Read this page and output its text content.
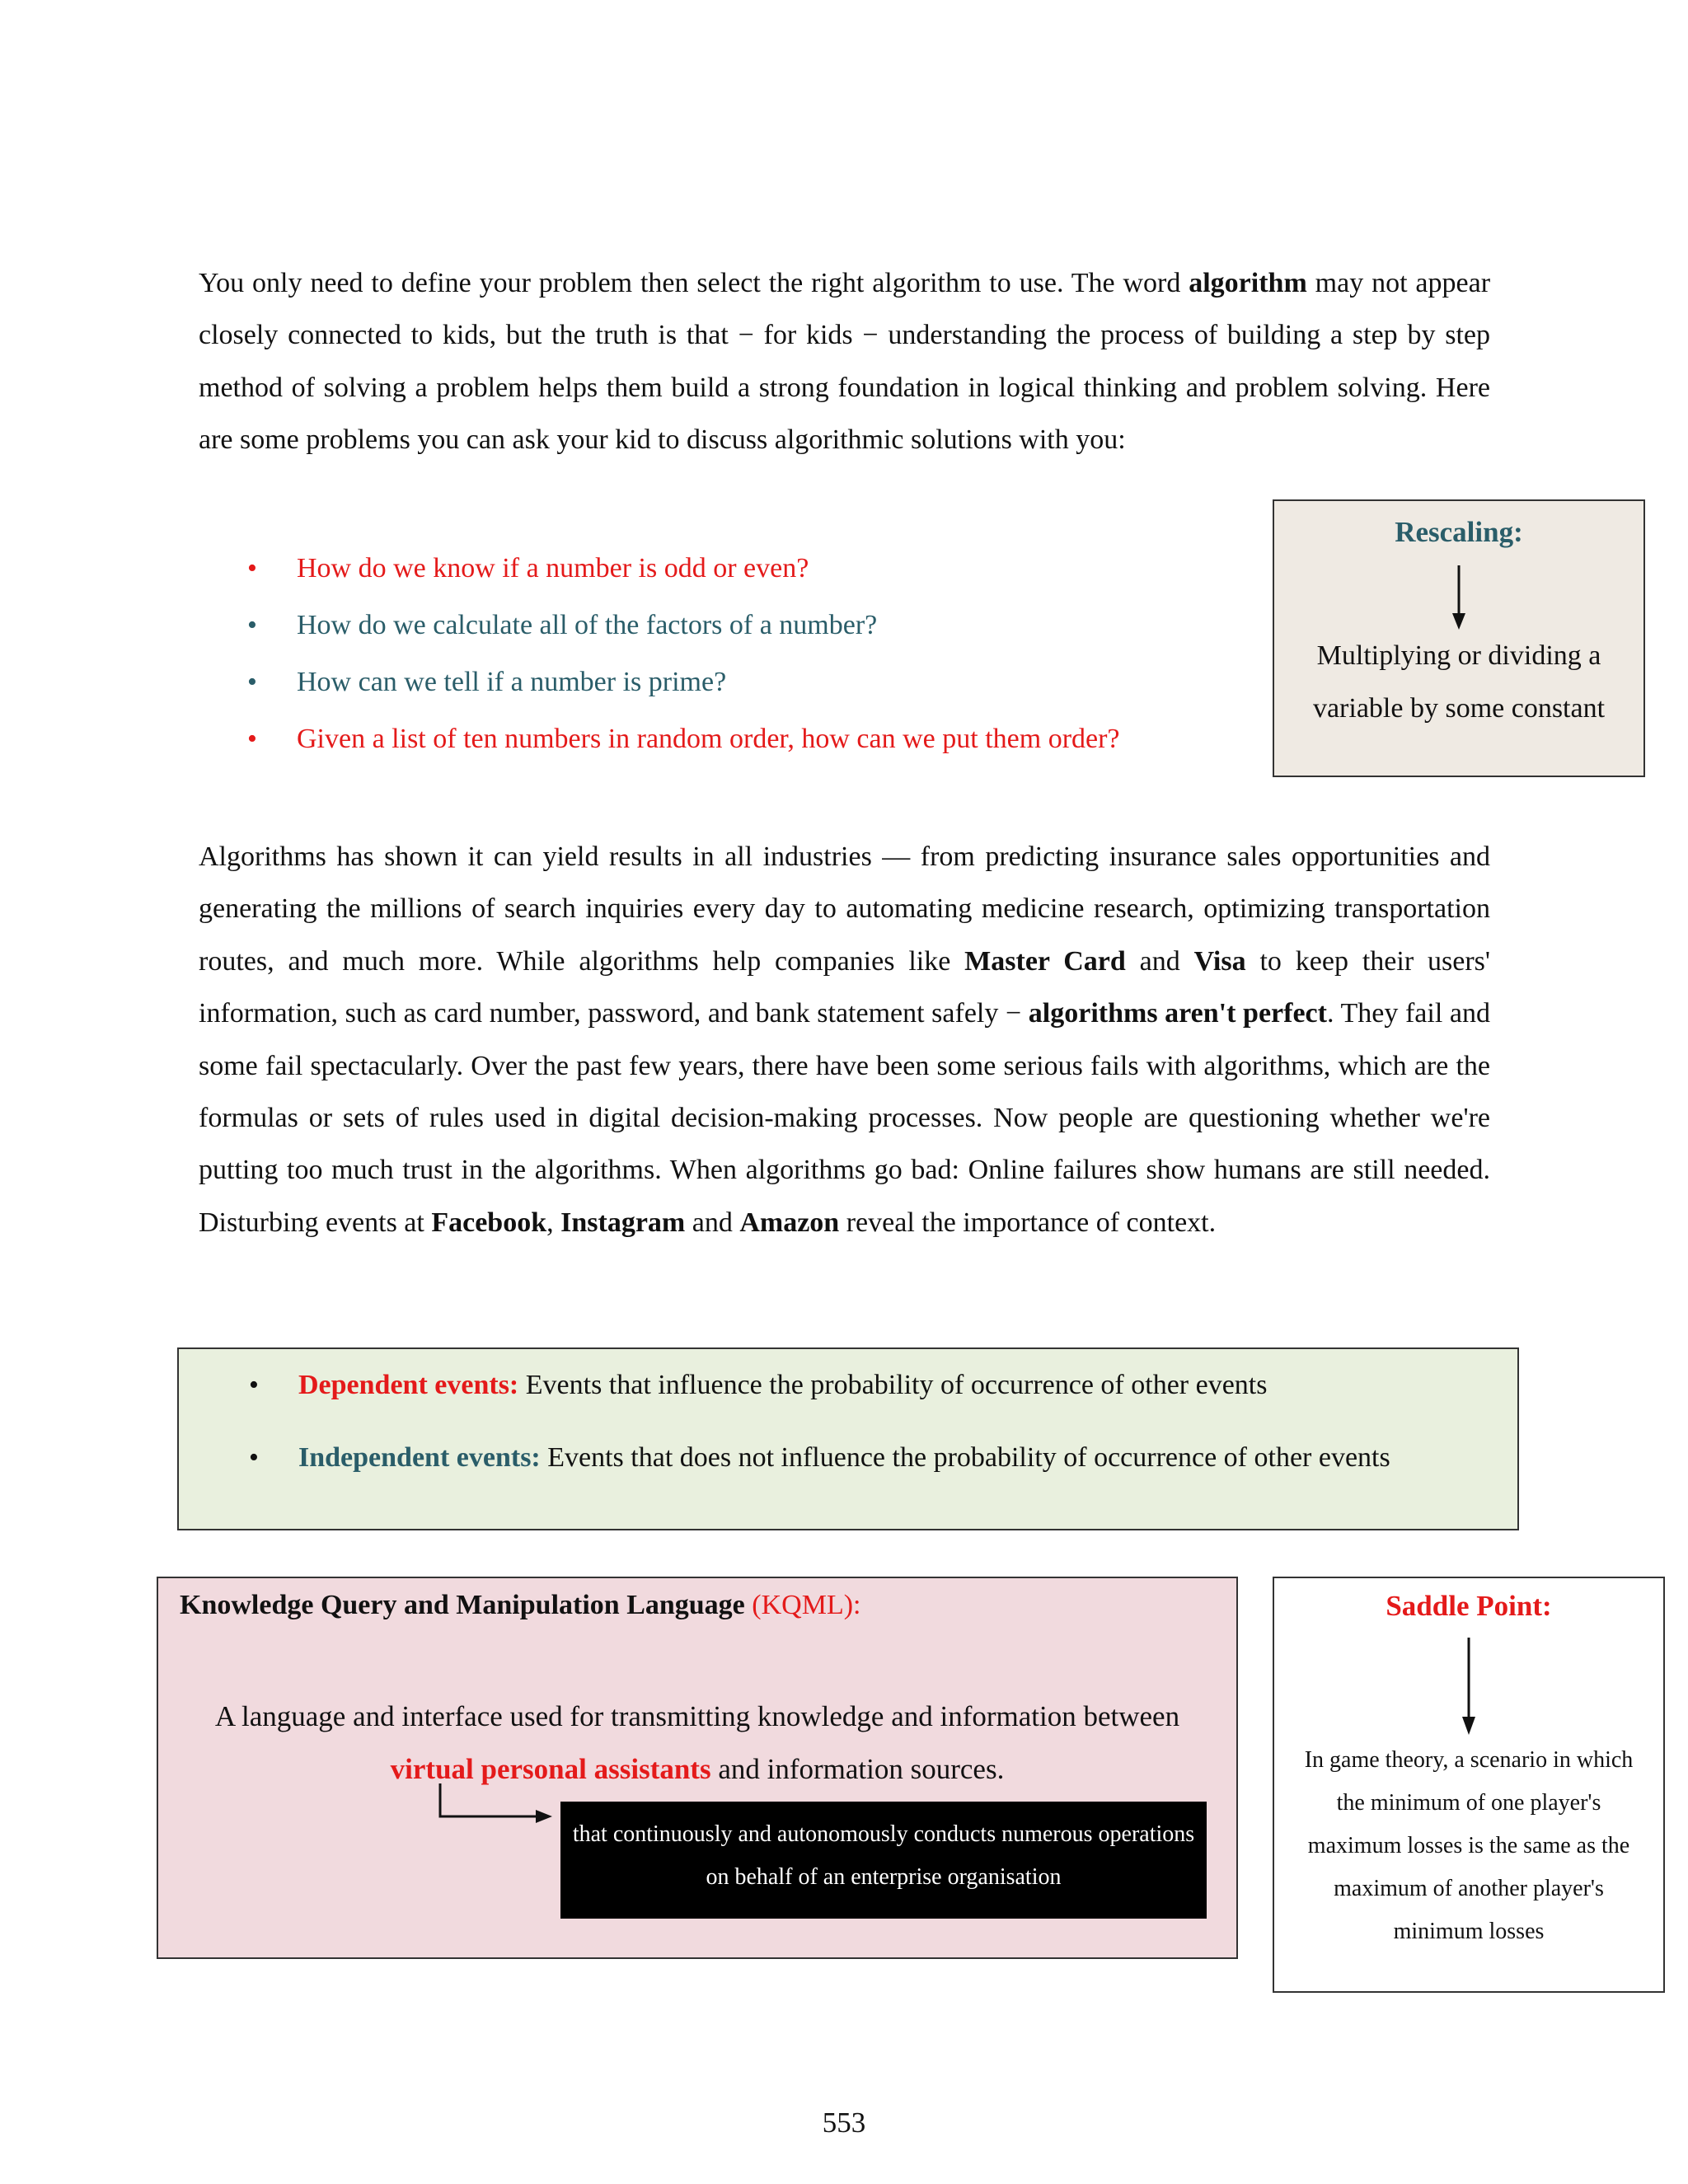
You only need to define your problem then select the right algorithm to use. The word algorithm may not appear closely connected to kids, but the truth is that − for kids − understanding the process of building a step by step method of solving a problem helps them build a strong foundation in logical thinking and problem solving. Here are some problems you can ask your kid to discuss algorithmic solutions with you:

• How do we know if a number is odd or even?
• How do we calculate all of the factors of a number?
• How can we tell if a number is prime?
• Given a list of ten numbers in random order, how can we put them order?
Rescaling:
Multiplying or dividing a variable by some constant

Algorithms has shown it can yield results in all industries — from predicting insurance sales opportunities and generating the millions of search inquiries every day to automating medicine research, optimizing transportation routes, and much more. While algorithms help companies like Master Card and Visa to keep their users' information, such as card number, password, and bank statement safely − algorithms aren't perfect. They fail and some fail spectacularly. Over the past few years, there have been some serious fails with algorithms, which are the formulas or sets of rules used in digital decision-making processes. Now people are questioning whether we're putting too much trust in the algorithms. When algorithms go bad: Online failures show humans are still needed. Disturbing events at Facebook, Instagram and Amazon reveal the importance of context.

• Dependent events: Events that influence the probability of occurrence of other events
• Independent events: Events that does not influence the probability of occurrence of other events
Knowledge Query and Manipulation Language (KQML):
A language and interface used for transmitting knowledge and information between
virtual personal assistants and information sources.
that continuously and autonomously conducts numerous operations on behalf of an enterprise organisation
Saddle Point:
In game theory, a scenario in which the minimum of one player's maximum losses is the same as the maximum of another player's minimum losses
553
